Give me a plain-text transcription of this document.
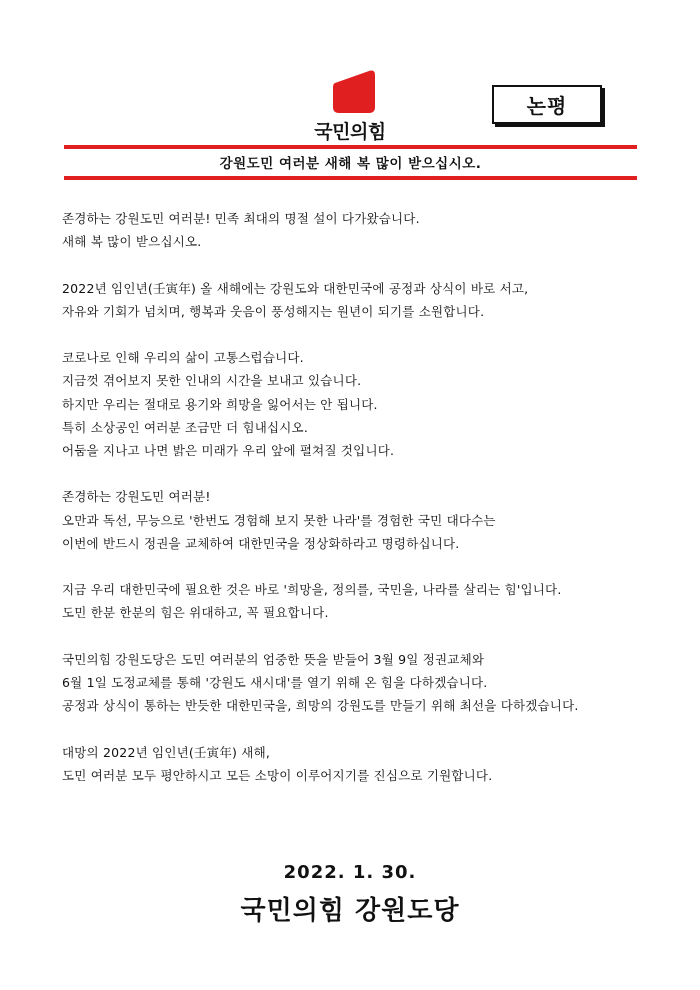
국민의힘
논평
강원도민 여러분 새해 복 많이 받으십시오.
존경하는 강원도민 여러분! 민족 최대의 명절 설이 다가왔습니다.
새해 복 많이 받으십시오.
2022년 임인년(壬寅年) 올 새해에는 강원도와 대한민국에 공정과 상식이 바로 서고,
자유와 기회가 넘치며, 행복과 웃음이 풍성해지는 원년이 되기를 소원합니다.
코로나로 인해 우리의 삶이 고통스럽습니다.
지금껏 겪어보지 못한 인내의 시간을 보내고 있습니다.
하지만 우리는 절대로 용기와 희망을 잃어서는 안 됩니다.
특히 소상공인 여러분 조금만 더 힘내십시오.
어둠을 지나고 나면 밝은 미래가 우리 앞에 펼쳐질 것입니다.
존경하는 강원도민 여러분!
오만과 독선, 무능으로 '한번도 경험해 보지 못한 나라'를 경험한 국민 대다수는
이번에 반드시 정권을 교체하여 대한민국을 정상화하라고 명령하십니다.
지금 우리 대한민국에 필요한 것은 바로 '희망을, 정의를, 국민을, 나라를 살리는 힘'입니다.
도민 한분 한분의 힘은 위대하고, 꼭 필요합니다.
국민의힘 강원도당은 도민 여러분의 엄중한 뜻을 받들어 3월 9일 정권교체와
6월 1일 도정교체를 통해 '강원도 새시대'를 열기 위해 온 힘을 다하겠습니다.
공정과 상식이 통하는 반듯한 대한민국을, 희망의 강원도를 만들기 위해 최선을 다하겠습니다.
대망의 2022년 임인년(壬寅年) 새해,
도민 여러분 모두 평안하시고 모든 소망이 이루어지기를 진심으로 기원합니다.
2022. 1. 30.
국민의힘 강원도당
